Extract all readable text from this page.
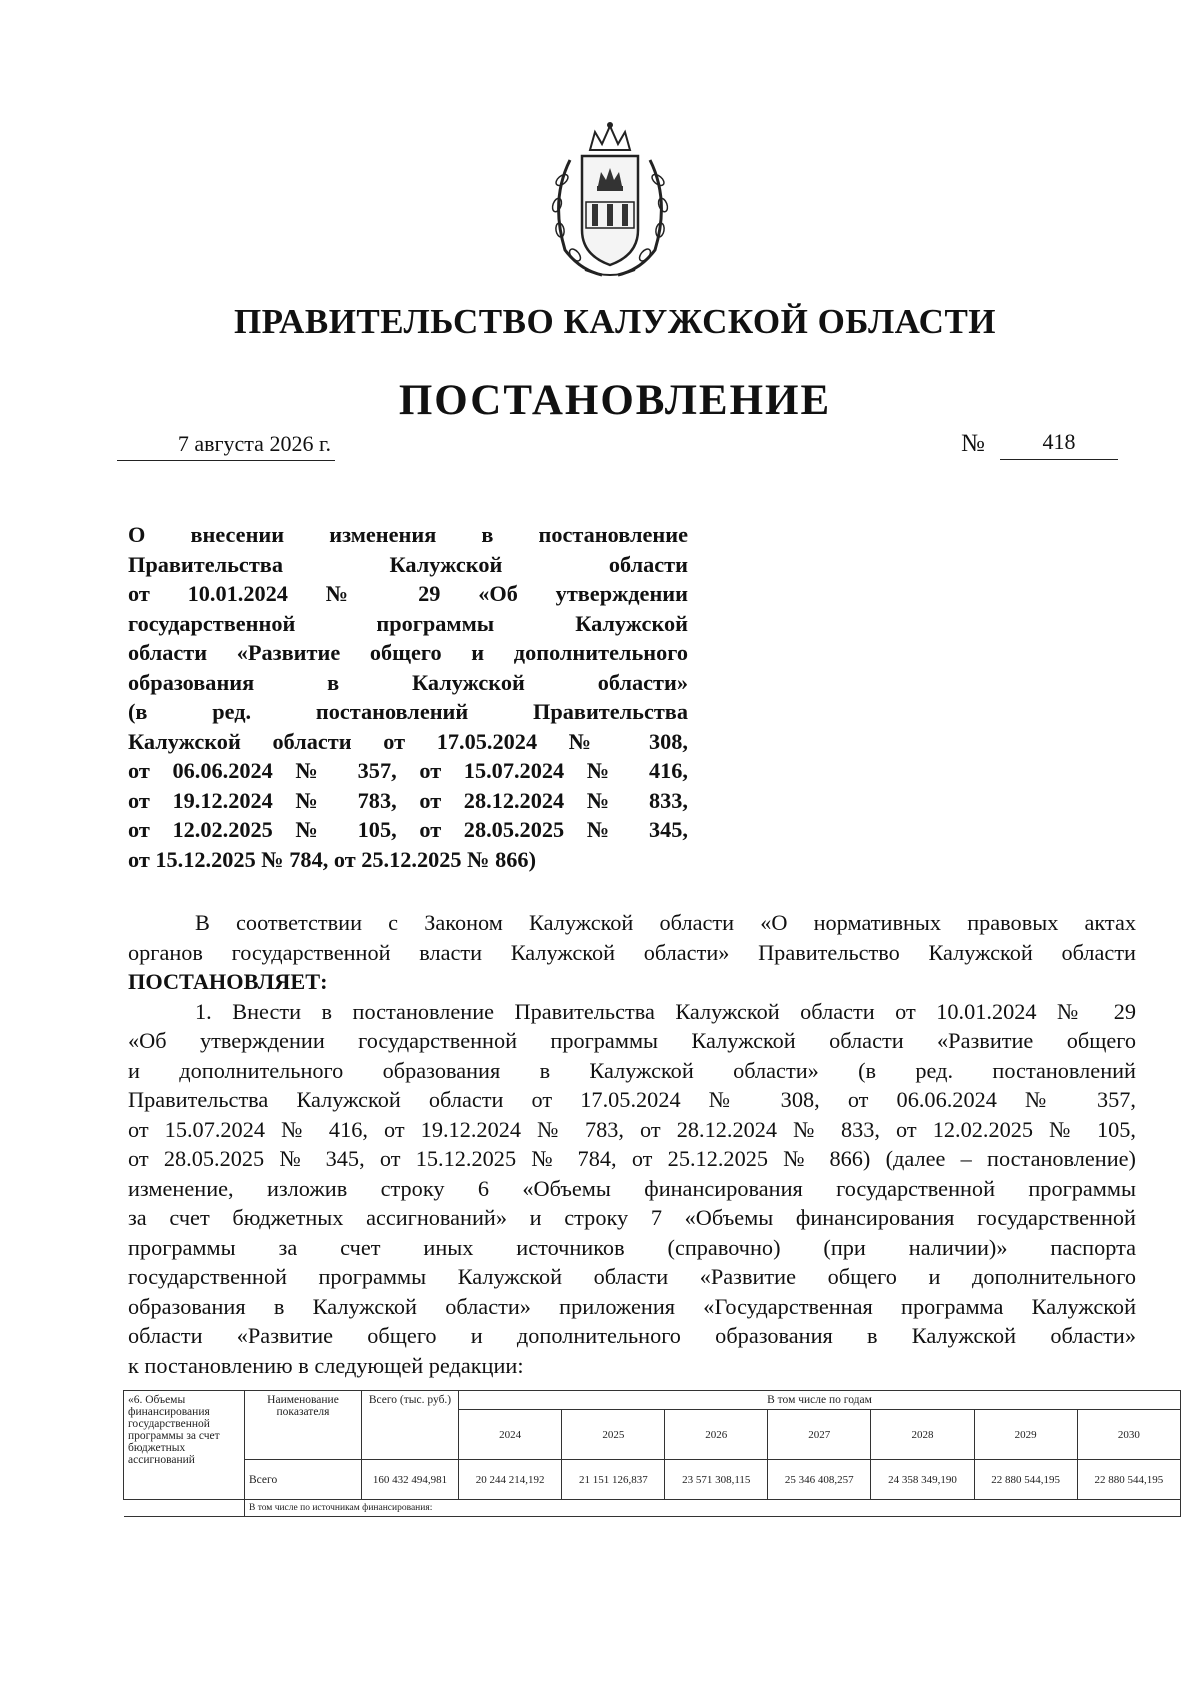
ПРАВИТЕЛЬСТВО КАЛУЖСКОЙ ОБЛАСТИ
ПОСТАНОВЛЕНИЕ
7 августа 2026 г.	№	418
О внесении изменения в постановление
Правительства Калужской области
от 10.01.2024 № 29 «Об утверждении
государственной программы Калужской
области «Развитие общего и дополнительного
образования в Калужской области»
(в ред. постановлений Правительства
Калужской области от 17.05.2024 № 308,
от 06.06.2024 № 357, от 15.07.2024 № 416,
от 19.12.2024 № 783, от 28.12.2024 № 833,
от 12.02.2025 № 105, от 28.05.2025 № 345,
от 15.12.2025 № 784, от 25.12.2025 № 866)
В соответствии с Законом Калужской области «О нормативных правовых актах
органов государственной власти Калужской области» Правительство Калужской области
ПОСТАНОВЛЯЕТ:
1. Внести в постановление Правительства Калужской области от 10.01.2024 № 29
«Об утверждении государственной программы Калужской области «Развитие общего
и дополнительного образования в Калужской области» (в ред. постановлений
Правительства Калужской области от 17.05.2024 № 308, от 06.06.2024 № 357,
от 15.07.2024 № 416, от 19.12.2024 № 783, от 28.12.2024 № 833, от 12.02.2025 № 105,
от 28.05.2025 № 345, от 15.12.2025 № 784, от 25.12.2025 № 866) (далее – постановление)
изменение, изложив строку 6 «Объемы финансирования государственной программы
за счет бюджетных ассигнований» и строку 7 «Объемы финансирования государственной
программы за счет иных источников (справочно) (при наличии)» паспорта
государственной программы Калужской области «Развитие общего и дополнительного
образования в Калужской области» приложения «Государственная программа Калужской
области «Развитие общего и дополнительного образования в Калужской области»
к постановлению в следующей редакции:
«6. Объемы финансирования государственной программы за счет бюджетных ассигнований	Наименование показателя	Всего (тыс. руб.)	В том числе по годам						
			2024	2025	2026	2027	2028	2029	2030
	Всего	160 432 494,981	20 244 214,192	21 151 126,837	23 571 308,115	25 346 408,257	24 358 349,190	22 880 544,195	22 880 544,195
	В том числе по источникам финансирования:								
